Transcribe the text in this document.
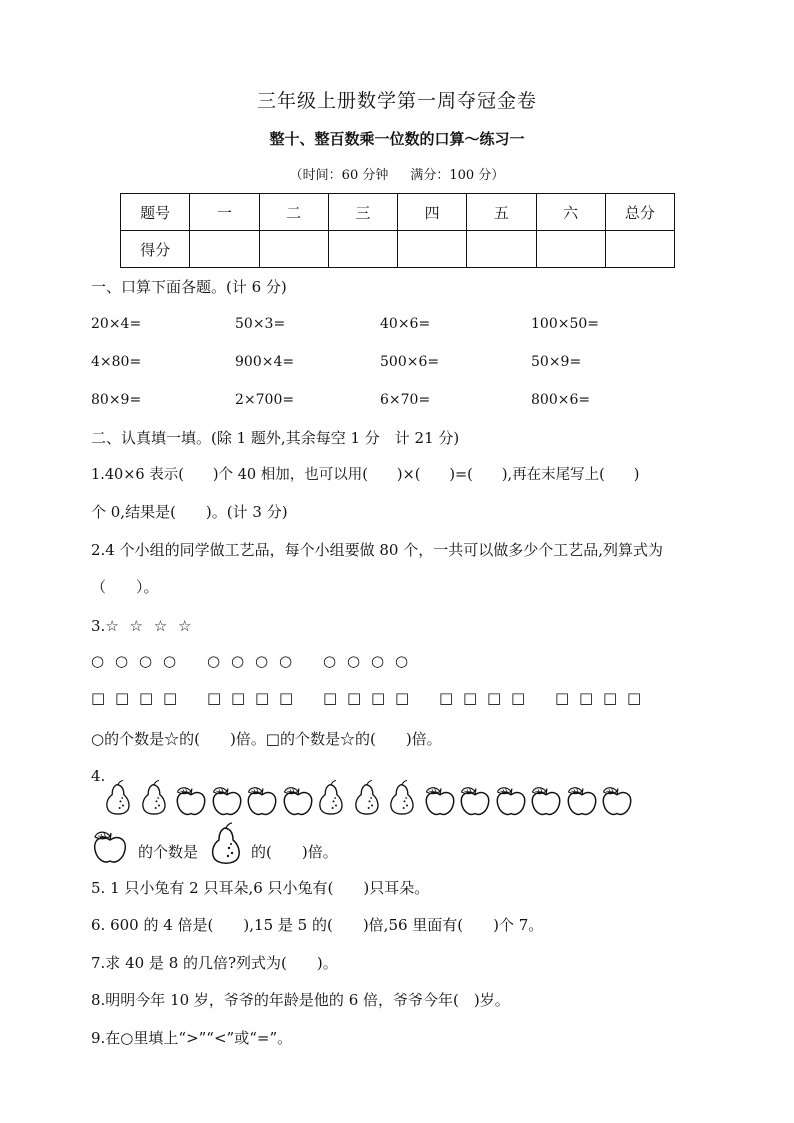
三年级上册数学第一周夺冠金卷
整十、整百数乘一位数的口算～练习一
（时间：60 分钟 满分：100 分）
题号	一	二	三	四	五	六	总分
得分							
一、口算下面各题。(计 6 分)
20×4=	50×3=	40×6=	100×50=
4×80=	900×4=	500×6=	50×9=
80×9=	2×700=	6×70=	800×6=
二、认真填一填。(除 1 题外,其余每空 1 分　计 21 分)
1.40×6 表示(　　)个 40 相加，也可以用(　　)×(　　)=(　　),再在末尾写上(　　)
个 0,结果是(　　)。(计 3 分)
2.4 个小组的同学做工艺品，每个小组要做 80 个，一共可以做多少个工艺品,列算式为
（　　）。
3.☆ ☆ ☆ ☆
○ ○ ○ ○ ○ ○ ○ ○ ○ ○ ○ ○
□ □ □ □ □ □ □ □ □ □ □ □ □ □ □ □ □ □ □ □
○的个数是☆的(　　)倍。□的个数是☆的(　　)倍。
4.
的个数是	的(　　)倍。
5. 1 只小兔有 2 只耳朵,6 只小兔有(　　)只耳朵。
6. 600 的 4 倍是(　　),15 是 5 的(　　)倍,56 里面有(　　)个 7。
7.求 40 是 8 的几倍?列式为(　　)。
8.明明今年 10 岁，爷爷的年龄是他的 6 倍，爷爷今年(　)岁。
9.在○里填上“>”“<”或“=”。
